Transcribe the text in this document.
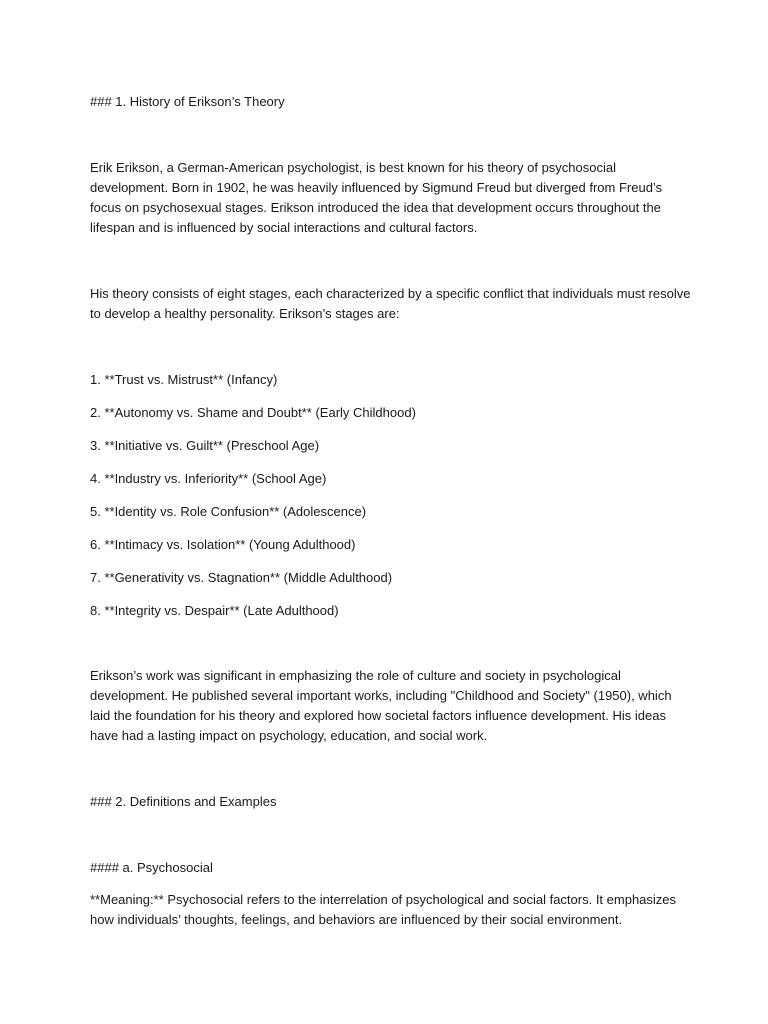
### 1. History of Erikson’s Theory

Erik Erikson, a German-American psychologist, is best known for his theory of psychosocial

development. Born in 1902, he was heavily influenced by Sigmund Freud but diverged from Freud’s

focus on psychosexual stages. Erikson introduced the idea that development occurs throughout the

lifespan and is influenced by social interactions and cultural factors.

His theory consists of eight stages, each characterized by a specific conflict that individuals must resolve

to develop a healthy personality. Erikson’s stages are:

1. **Trust vs. Mistrust** (Infancy)

2. **Autonomy vs. Shame and Doubt** (Early Childhood)

3. **Initiative vs. Guilt** (Preschool Age)

4. **Industry vs. Inferiority** (School Age)

5. **Identity vs. Role Confusion** (Adolescence)

6. **Intimacy vs. Isolation** (Young Adulthood)

7. **Generativity vs. Stagnation** (Middle Adulthood)

8. **Integrity vs. Despair** (Late Adulthood)

Erikson’s work was significant in emphasizing the role of culture and society in psychological

development. He published several important works, including "Childhood and Society" (1950), which

laid the foundation for his theory and explored how societal factors influence development. His ideas

have had a lasting impact on psychology, education, and social work.

### 2. Definitions and Examples

#### a. Psychosocial

**Meaning:** Psychosocial refers to the interrelation of psychological and social factors. It emphasizes

how individuals’ thoughts, feelings, and behaviors are influenced by their social environment.
